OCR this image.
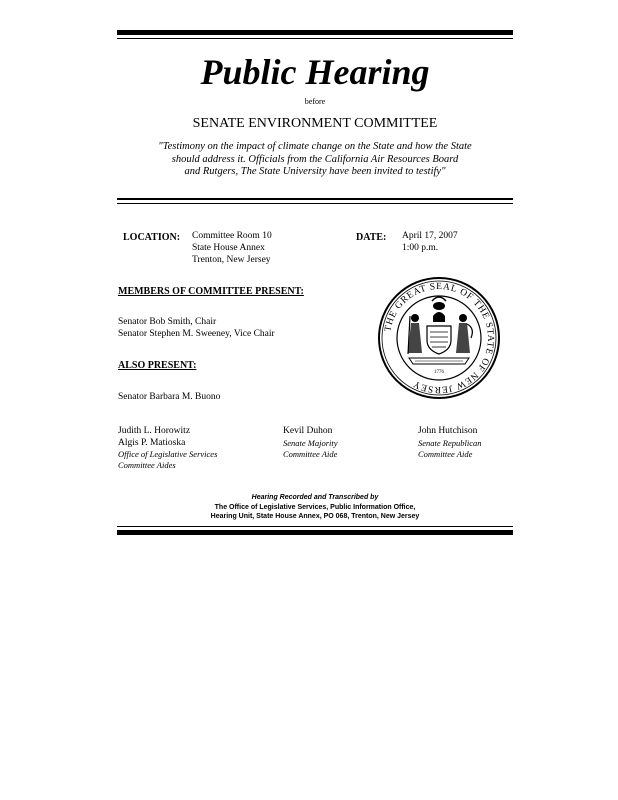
Public Hearing
before
SENATE ENVIRONMENT COMMITTEE
"Testimony on the impact of climate change on the State and how the State
should address it. Officials from the California Air Resources Board
and Rutgers, The State University have been invited to testify"
LOCATION: Committee Room 10
State House Annex
Trenton, New Jersey
DATE: April 17, 2007
1:00 p.m.
MEMBERS OF COMMITTEE PRESENT:
Senator Bob Smith, Chair
Senator Stephen M. Sweeney, Vice Chair
ALSO PRESENT:
Senator Barbara M. Buono
Judith L. Horowitz
Algis P. Matioska
Office of Legislative Services
Committee Aides
Kevil Duhon
Senate Majority
Committee Aide
John Hutchison
Senate Republican
Committee Aide
THE GREAT SEAL OF THE STATE OF NEW JERSEY
1776
Hearing Recorded and Transcribed by
The Office of Legislative Services, Public Information Office,
Hearing Unit, State House Annex, PO 068, Trenton, New Jersey
